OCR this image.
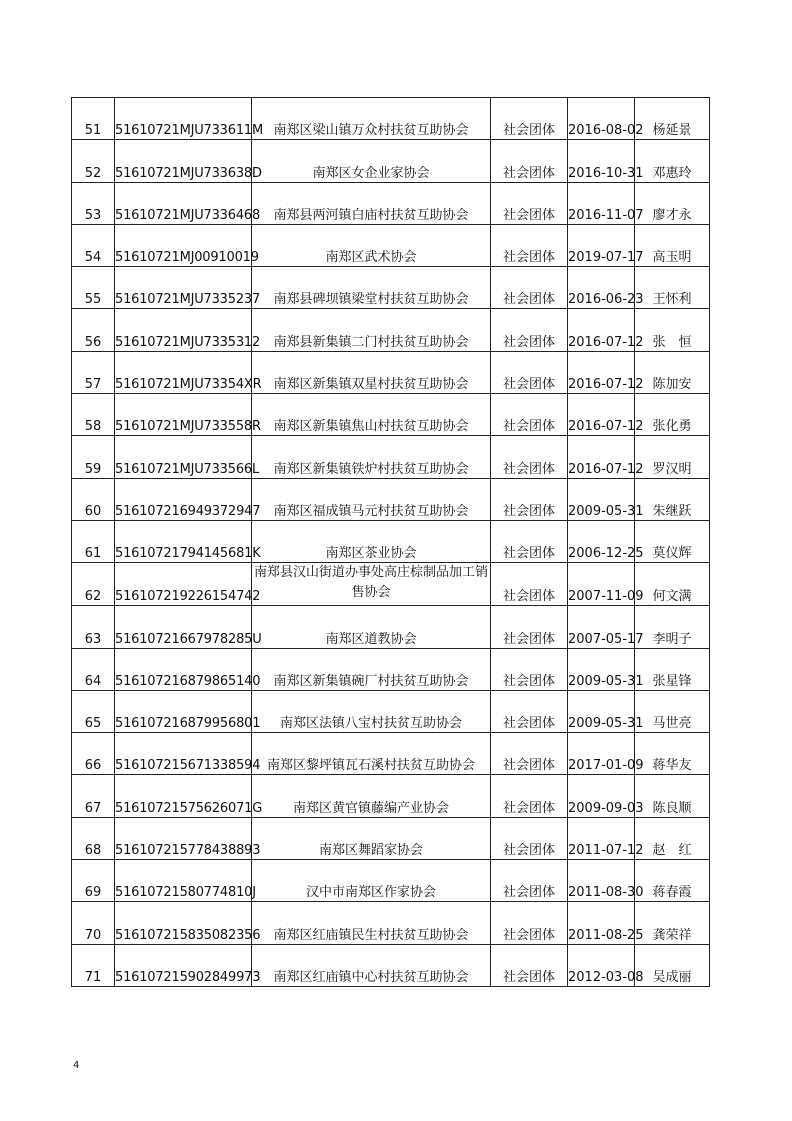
51	51610721MJU733611M	南郑区梁山镇万众村扶贫互助协会	社会团体	2016-08-02	杨延景
52	51610721MJU733638D	南郑区女企业家协会	社会团体	2016-10-31	邓惠玲
53	51610721MJU7336468	南郑县两河镇白庙村扶贫互助协会	社会团体	2016-11-07	廖才永
54	51610721MJ00910019	南郑区武术协会	社会团体	2019-07-17	高玉明
55	51610721MJU7335237	南郑县碑坝镇梁堂村扶贫互助协会	社会团体	2016-06-23	王怀利
56	51610721MJU7335312	南郑县新集镇二门村扶贫互助协会	社会团体	2016-07-12	张　恒
57	51610721MJU73354XR	南郑区新集镇双星村扶贫互助协会	社会团体	2016-07-12	陈加安
58	51610721MJU733558R	南郑区新集镇焦山村扶贫互助协会	社会团体	2016-07-12	张化勇
59	51610721MJU733566L	南郑区新集镇铁炉村扶贫互助协会	社会团体	2016-07-12	罗汉明
60	516107216949372947	南郑区福成镇马元村扶贫互助协会	社会团体	2009-05-31	朱继跃
61	51610721794145681K	南郑区茶业协会	社会团体	2006-12-25	莫仪辉
62	516107219226154742	南郑县汉山街道办事处高庄棕制品加工销售协会	社会团体	2007-11-09	何文满
63	51610721667978285U	南郑区道教协会	社会团体	2007-05-17	李明子
64	516107216879865140	南郑区新集镇碗厂村扶贫互助协会	社会团体	2009-05-31	张星锋
65	516107216879956801	南郑区法镇八宝村扶贫互助协会	社会团体	2009-05-31	马世亮
66	516107215671338594	南郑区黎坪镇瓦石溪村扶贫互助协会	社会团体	2017-01-09	蒋华友
67	51610721575626071G	南郑区黄官镇藤编产业协会	社会团体	2009-09-03	陈良顺
68	516107215778438893	南郑区舞蹈家协会	社会团体	2011-07-12	赵　红
69	51610721580774810J	汉中市南郑区作家协会	社会团体	2011-08-30	蒋春霞
70	516107215835082356	南郑区红庙镇民生村扶贫互助协会	社会团体	2011-08-25	龚荣祥
71	516107215902849973	南郑区红庙镇中心村扶贫互助协会	社会团体	2012-03-08	吴成丽
4
